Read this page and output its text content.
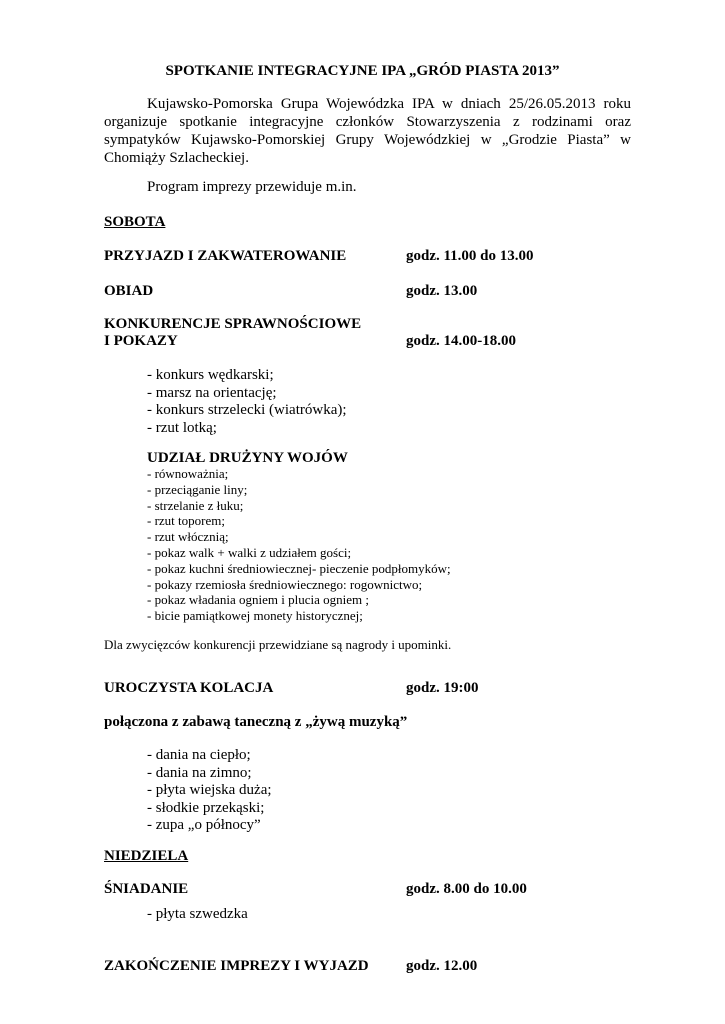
SPOTKANIE INTEGRACYJNE IPA „GRÓD PIASTA 2013”
Kujawsko-Pomorska Grupa Wojewódzka IPA w dniach 25/26.05.2013 roku
organizuje spotkanie integracyjne członków Stowarzyszenia z rodzinami oraz
sympatyków Kujawsko-Pomorskiej Grupy Wojewódzkiej w „Grodzie Piasta” w
Chomiąży Szlacheckiej.
Program imprezy przewiduje m.in.
SOBOTA
PRZYJAZD I ZAKWATEROWANIE	godz. 11.00 do 13.00
OBIAD	godz. 13.00
KONKURENCJE SPRAWNOŚCIOWE
I POKAZY	godz. 14.00-18.00
- konkurs wędkarski;
- marsz na orientację;
- konkurs strzelecki (wiatrówka);
- rzut lotką;
UDZIAŁ DRUŻYNY WOJÓW
- równoważnia;
- przeciąganie liny;
- strzelanie z łuku;
- rzut toporem;
- rzut włócznią;
- pokaz walk + walki z udziałem gości;
- pokaz kuchni średniowiecznej- pieczenie podpłomyków;
- pokazy rzemiosła średniowiecznego: rogownictwo;
- pokaz władania ogniem i plucia ogniem ;
- bicie pamiątkowej monety historycznej;
Dla zwycięzców konkurencji przewidziane są nagrody i upominki.
UROCZYSTA KOLACJA	godz. 19:00
połączona z zabawą taneczną z „żywą muzyką”
- dania na ciepło;
- dania na zimno;
- płyta wiejska duża;
- słodkie przekąski;
- zupa „o północy”
NIEDZIELA
ŚNIADANIE	godz. 8.00 do 10.00
- płyta szwedzka
ZAKOŃCZENIE IMPREZY I WYJAZD godz. 12.00
